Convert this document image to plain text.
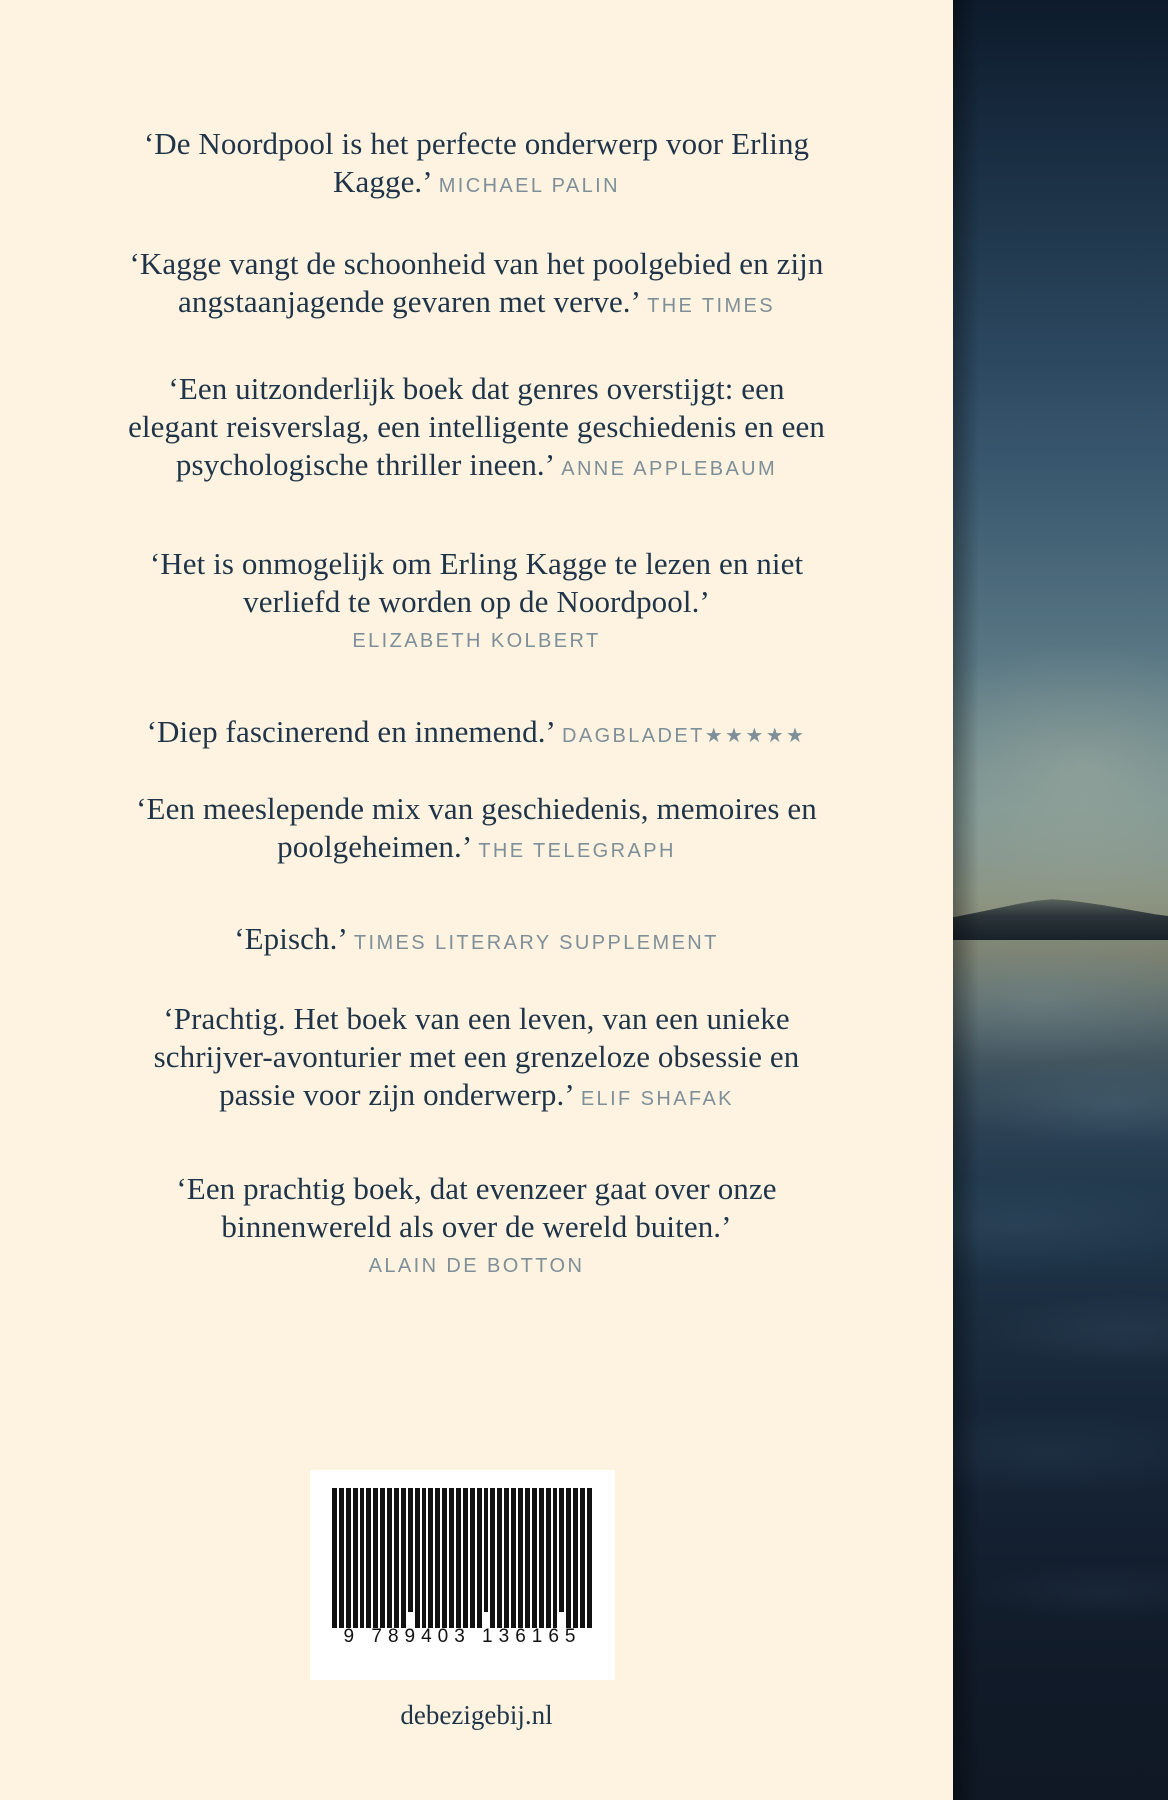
‘De Noordpool is het perfecte onderwerp voor Erling Kagge.’ MICHAEL PALIN
‘Kagge vangt de schoonheid van het poolgebied en zijn angstaanjagende gevaren met verve.’ THE TIMES
‘Een uitzonderlijk boek dat genres overstijgt: een elegant reisverslag, een intelligente geschiedenis en een psychologische thriller ineen.’ ANNE APPLEBAUM
‘Het is onmogelijk om Erling Kagge te lezen en niet verliefd te worden op de Noordpool.’
ELIZABETH KOLBERT
‘Diep fascinerend en innemend.’ DAGBLADET★★★★★
‘Een meeslepende mix van geschiedenis, memoires en poolgeheimen.’ THE TELEGRAPH
‘Episch.’ TIMES LITERARY SUPPLEMENT
‘Prachtig. Het boek van een leven, van een unieke schrijver-avonturier met een grenzeloze obsessie en passie voor zijn onderwerp.’ ELIF SHAFAK
‘Een prachtig boek, dat evenzeer gaat over onze binnenwereld als over de wereld buiten.’
ALAIN DE BOTTON
9 789403 136165
debezigebij.nl
